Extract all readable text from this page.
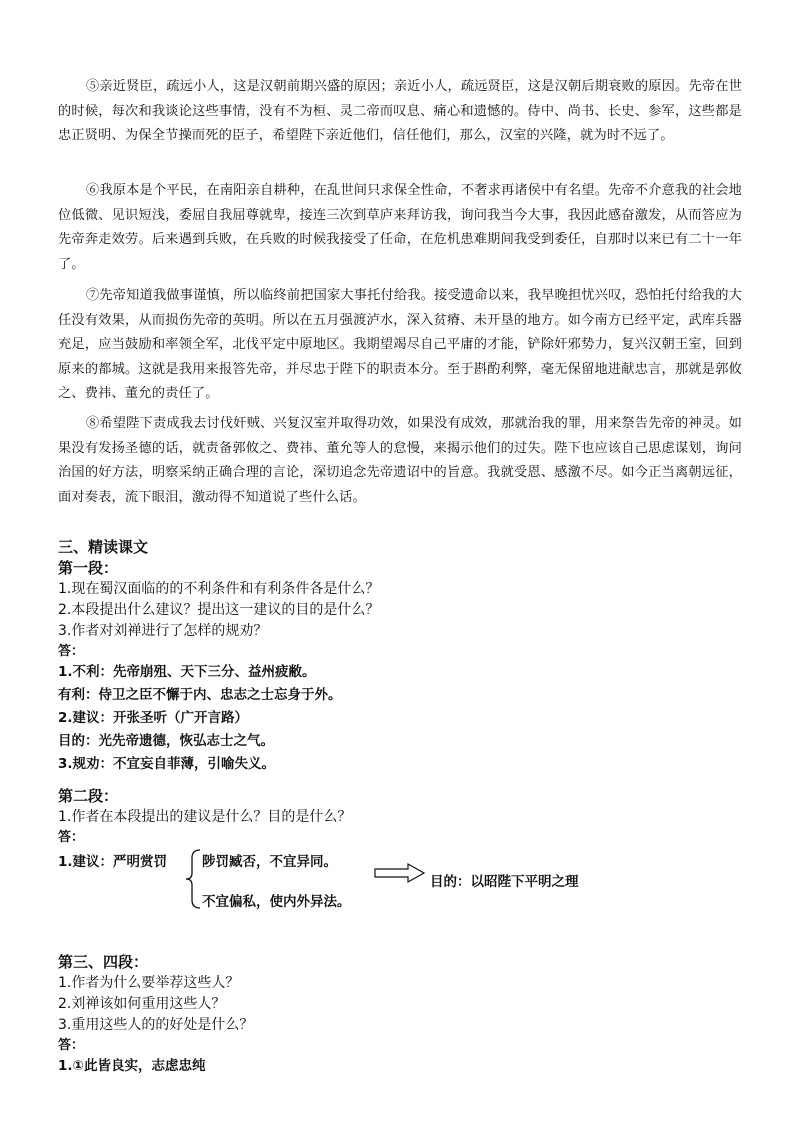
⑤亲近贤臣，疏远小人，这是汉朝前期兴盛的原因；亲近小人，疏远贤臣，这是汉朝后期衰败的原因。先帝在世的时候，每次和我谈论这些事情，没有不为桓、灵二帝而叹息、痛心和遗憾的。侍中、尚书、长史、参军，这些都是忠正贤明、为保全节操而死的臣子，希望陛下亲近他们，信任他们，那么，汉室的兴隆，就为时不远了。
⑥我原本是个平民，在南阳亲自耕种，在乱世间只求保全性命，不奢求再诸侯中有名望。先帝不介意我的社会地位低微、见识短浅，委屈自我屈尊就卑，接连三次到草庐来拜访我，询问我当今大事，我因此感奋激发，从而答应为先帝奔走效劳。后来遇到兵败，在兵败的时候我接受了任命，在危机患难期间我受到委任，自那时以来已有二十一年了。
⑦先帝知道我做事谨慎，所以临终前把国家大事托付给我。接受遗命以来，我早晚担忧兴叹，恐怕托付给我的大任没有效果，从而损伤先帝的英明。所以在五月强渡泸水，深入贫瘠、未开垦的地方。如今南方已经平定，武库兵器充足，应当鼓励和率领全军，北伐平定中原地区。我期望竭尽自己平庸的才能，铲除奸邪势力，复兴汉朝王室，回到原来的都城。这就是我用来报答先帝，并尽忠于陛下的职责本分。至于斟酌利弊，毫无保留地进献忠言，那就是郭攸之、费祎、董允的责任了。
⑧希望陛下责成我去讨伐奸贼、兴复汉室并取得功效，如果没有成效，那就治我的罪，用来祭告先帝的神灵。如果没有发扬圣德的话，就责备郭攸之、费祎、董允等人的怠慢，来揭示他们的过失。陛下也应该自己思虑谋划，询问治国的好方法，明察采纳正确合理的言论，深切追念先帝遗诏中的旨意。我就受恩、感激不尽。如今正当离朝远征，面对奏表，流下眼泪，激动得不知道说了些什么话。
三、精读课文
第一段：
1.现在蜀汉面临的的不利条件和有利条件各是什么？
2.本段提出什么建议？提出这一建议的目的是什么？
3.作者对刘禅进行了怎样的规劝？
答：
1.不利：先帝崩殂、天下三分、益州疲敝。
有利：侍卫之臣不懈于内、忠志之士忘身于外。
2.建议：开张圣听（广开言路）
目的：光先帝遗德，恢弘志士之气。
3.规劝：不宜妄自菲薄，引喻失义。
第二段：
1.作者在本段提出的建议是什么？目的是什么？
答：
1.建议：严明赏罚	陟罚臧否，不宜异同。
不宜偏私，使内外异法。
目的：以昭陛下平明之理
第三、四段：
1.作者为什么要举荐这些人？
2.刘禅该如何重用这些人？
3.重用这些人的的好处是什么？
答：
1.①此皆良实，志虑忠纯
